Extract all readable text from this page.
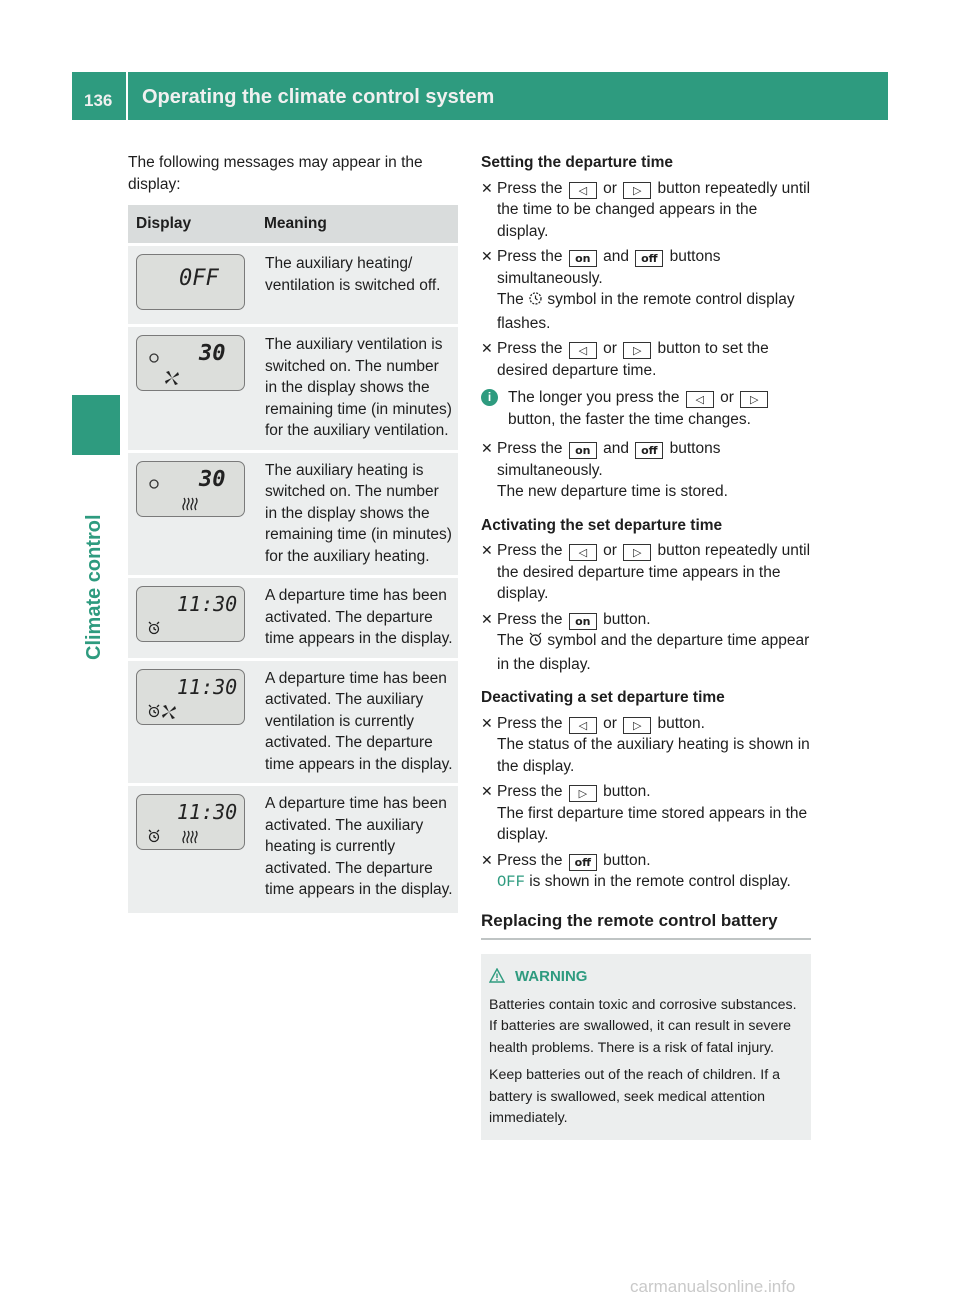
136 Operating the climate control system
Climate control

The following messages may appear in the display:

Display	Meaning

0FF	The auxiliary heating/ ventilation is switched off.

30	The auxiliary ventilation is switched on. The number in the display shows the remaining time (in minutes) for the auxiliary ventilation.

30	The auxiliary heating is switched on. The number in the display shows the remaining time (in minutes) for the auxiliary heating.

11:30	A departure time has been activated. The departure time appears in the display.

11:30	A departure time has been activated. The auxiliary ventilation is currently activated. The departure time appears in the display.

11:30	A departure time has been activated. The auxiliary heating is currently activated. The departure time appears in the display.
Setting the departure time
✕ Press the ◁ or ▷ button repeatedly until the time to be changed appears in the display.
✕ Press the on and off buttons simultaneously.
The symbol in the remote control display flashes.
✕ Press the ◁ or ▷ button to set the desired departure time.
i	The longer you press the ◁ or ▷ button, the faster the time changes.
✕ Press the on and off buttons simultaneously.
The new departure time is stored.
Activating the set departure time
✕ Press the ◁ or ▷ button repeatedly until the desired departure time appears in the display.
✕ Press the on button.
The symbol and the departure time appear in the display.
Deactivating a set departure time
✕ Press the ◁ or ▷ button.
The status of the auxiliary heating is shown in the display.
✕ Press the ▷ button.
The first departure time stored appears in the display.
✕ Press the off button.
OFF is shown in the remote control display.
Replacing the remote control battery

WARNING

Batteries contain toxic and corrosive substances. If batteries are swallowed, it can result in severe health problems. There is a risk of fatal injury.

Keep batteries out of the reach of children. If a battery is swallowed, seek medical attention immediately.

carmanualsonline.info
